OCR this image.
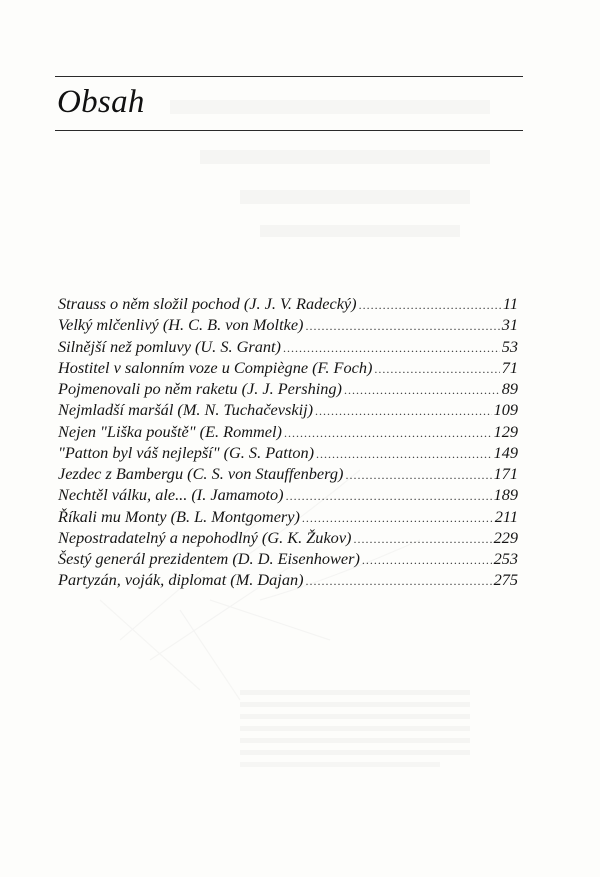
Obsah
Strauss o něm složil pochod (J. J. V. Radecký) .....	11
Velký mlčenlivý (H. C. B. von Moltke) .....	31
Silnější než pomluvy (U. S. Grant) .....	53
Hostitel v salonním voze u Compiègne (F. Foch) .....	71
Pojmenovali po něm raketu (J. J. Pershing) .....	89
Nejmladší maršál (M. N. Tuchačevskij) .....	109
Nejen "Liška pouště" (E. Rommel) .....	129
"Patton byl váš nejlepší" (G. S. Patton) .....	149
Jezdec z Bambergu (C. S. von Stauffenberg) .....	171
Nechtěl válku, ale... (I. Jamamoto) .....	189
Říkali mu Monty (B. L. Montgomery) .....	211
Nepostradatelný a nepohodlný (G. K. Žukov) .....	229
Šestý generál prezidentem (D. D. Eisenhower) .....	253
Partyzán, voják, diplomat (M. Dajan) .....	275
